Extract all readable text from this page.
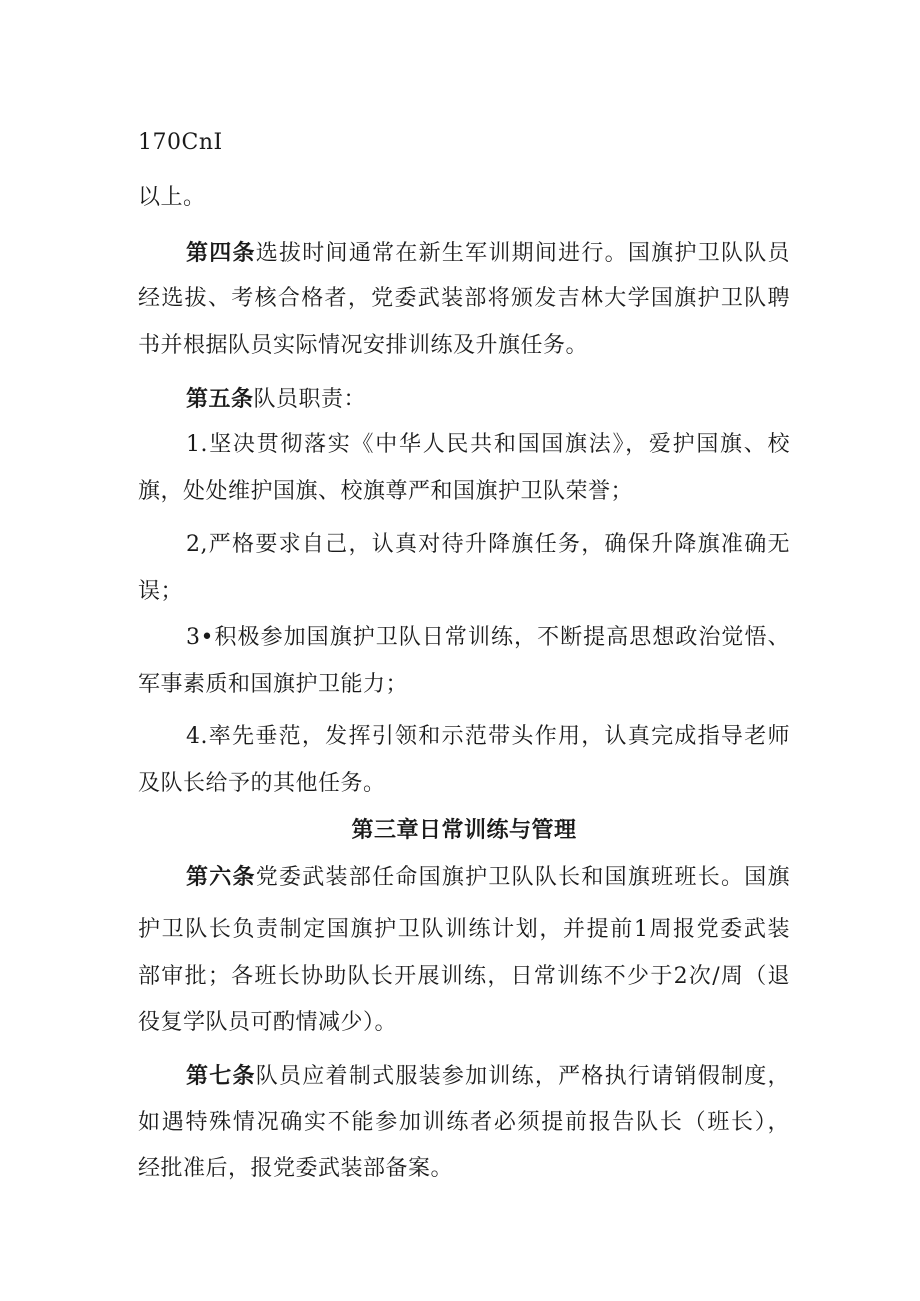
170CnI
以上。
第四条选拔时间通常在新生军训期间进行。国旗护卫队队员
经选拔、考核合格者，党委武装部将颁发吉林大学国旗护卫队聘
书并根据队员实际情况安排训练及升旗任务。
第五条队员职责：
1.坚决贯彻落实《中华人民共和国国旗法》，爱护国旗、校
旗，处处维护国旗、校旗尊严和国旗护卫队荣誉；
2,严格要求自己，认真对待升降旗任务，确保升降旗准确无
误；
3•积极参加国旗护卫队日常训练，不断提高思想政治觉悟、
军事素质和国旗护卫能力；
4.率先垂范，发挥引领和示范带头作用，认真完成指导老师
及队长给予的其他任务。
第三章日常训练与管理
第六条党委武装部任命国旗护卫队队长和国旗班班长。国旗
护卫队长负责制定国旗护卫队训练计划，并提前1周报党委武装
部审批；各班长协助队长开展训练，日常训练不少于2次/周（退
役复学队员可酌情减少）。
第七条队员应着制式服装参加训练，严格执行请销假制度，
如遇特殊情况确实不能参加训练者必须提前报告队长（班长），
经批准后，报党委武装部备案。
